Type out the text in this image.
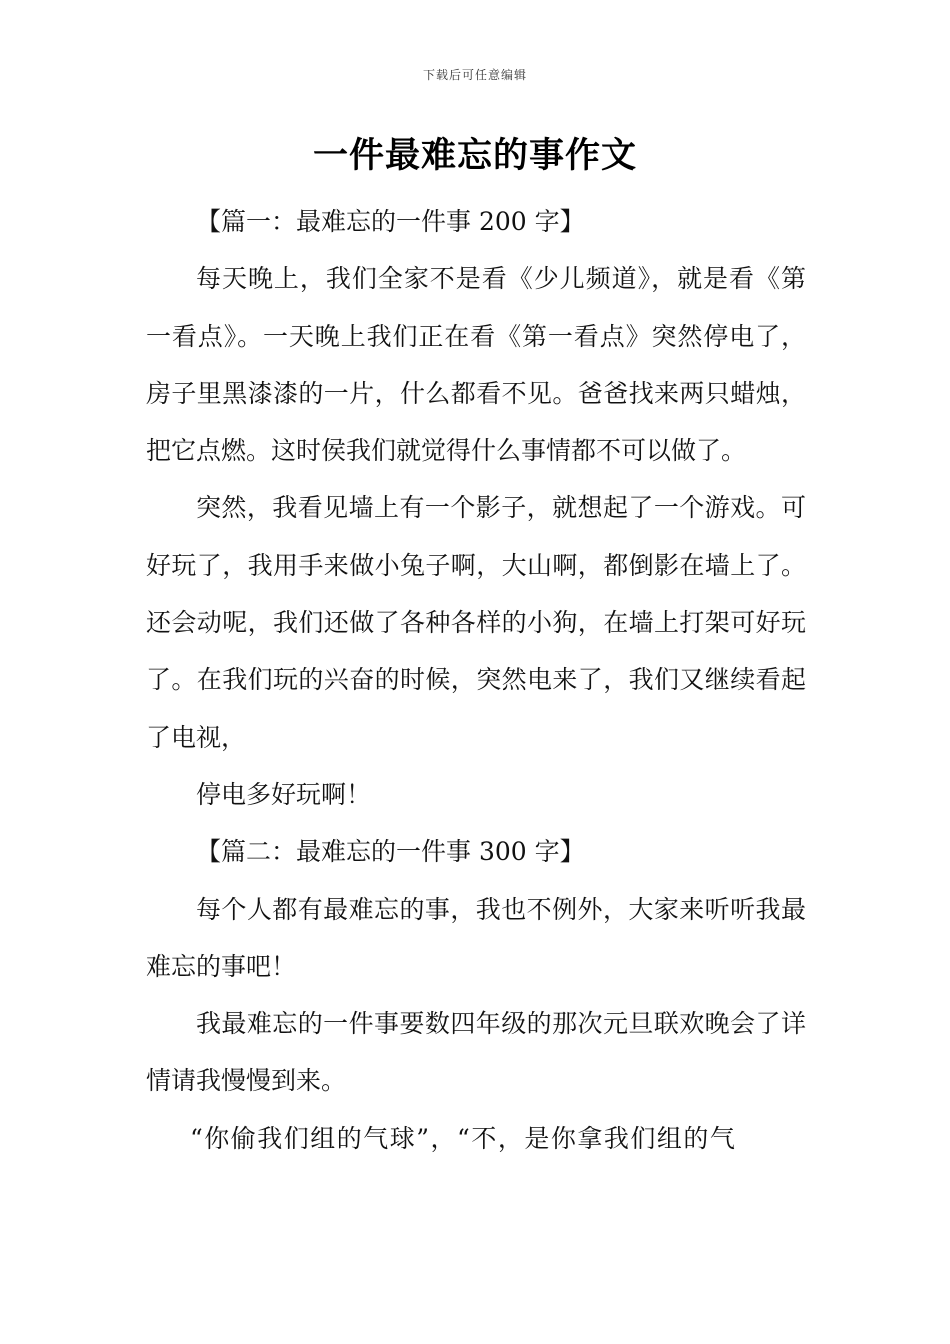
下载后可任意编辑
一件最难忘的事作文

【篇一：最难忘的一件事 200 字】

每天晚上，我们全家不是看《少儿频道》，就是看《第一看点》。一天晚上我们正在看《第一看点》突然停电了，房子里黑漆漆的一片，什么都看不见。爸爸找来两只蜡烛，把它点燃。这时侯我们就觉得什么事情都不可以做了。

突然，我看见墙上有一个影子，就想起了一个游戏。可好玩了，我用手来做小兔子啊，大山啊，都倒影在墙上了。还会动呢，我们还做了各种各样的小狗，在墙上打架可好玩了。在我们玩的兴奋的时候，突然电来了，我们又继续看起了电视，

停电多好玩啊！

【篇二：最难忘的一件事 300 字】

每个人都有最难忘的事，我也不例外，大家来听听我最难忘的事吧！

我最难忘的一件事要数四年级的那次元旦联欢晚会了详情请我慢慢到来。

“你偷我们组的气球”，“不，是你拿我们组的气
